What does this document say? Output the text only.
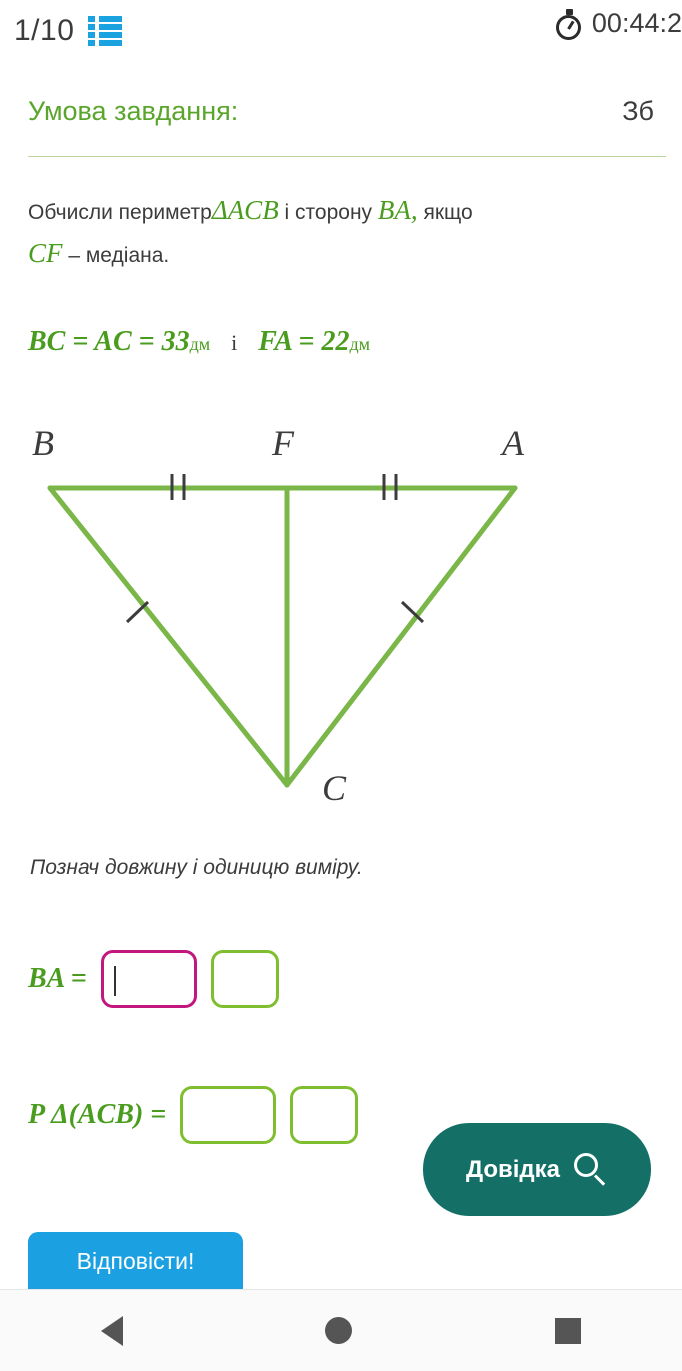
1/10	00:44:2
Умова завдання:	Зб
Обчисли периметрΔACB і сторону BA, якщо
CF – медіана.
BC = AC = 33дм і FA = 22дм
B	F	A
C
Познач довжину і одиницю виміру.
BA =
P Δ(ACB) =
Довідка
Відповісти!
